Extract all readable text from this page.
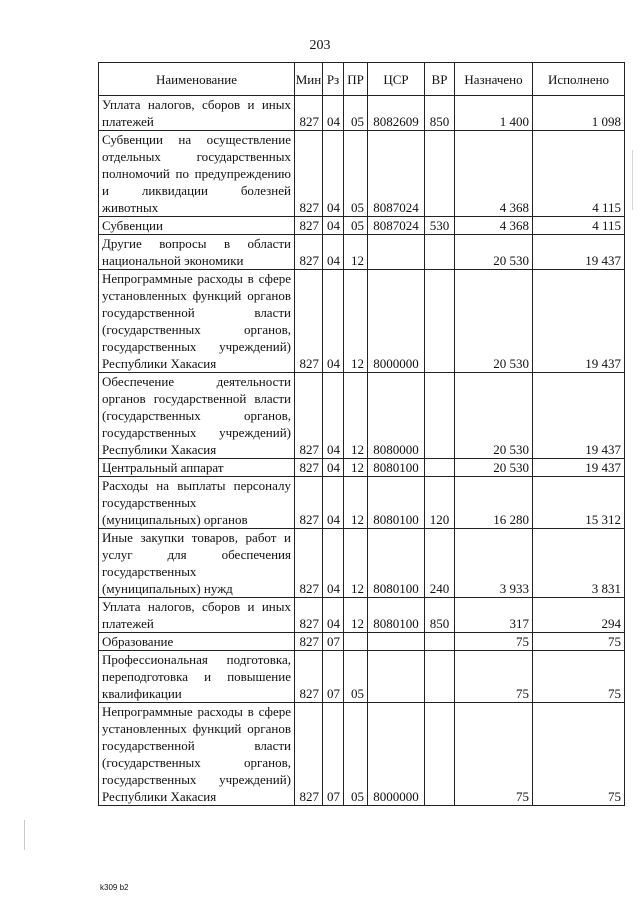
203
Наименование	Мин	Рз	ПР	ЦСР	ВР	Назначено	Исполнено
Уплата налогов, сборов и иных платежей	827	04	05	8082609	850	1 400	1 098
Субвенции на осуществление отдельных государственных полномочий по предупреждению и ликвидации болезней животных	827	04	05	8087024		4 368	4 115
Субвенции	827	04	05	8087024	530	4 368	4 115
Другие вопросы в области национальной экономики	827	04	12			20 530	19 437
Непрограммные расходы в сфере установленных функций органов государственной власти (государственных органов, государственных учреждений) Республики Хакасия	827	04	12	8000000		20 530	19 437
Обеспечение деятельности органов государственной власти (государственных органов, государственных учреждений) Республики Хакасия	827	04	12	8080000		20 530	19 437
Центральный аппарат	827	04	12	8080100		20 530	19 437
Расходы на выплаты персоналу государственных (муниципальных) органов	827	04	12	8080100	120	16 280	15 312
Иные закупки товаров, работ и услуг для обеспечения государственных (муниципальных) нужд	827	04	12	8080100	240	3 933	3 831
Уплата налогов, сборов и иных платежей	827	04	12	8080100	850	317	294
Образование	827	07				75	75
Профессиональная подготовка, переподготовка и повышение квалификации	827	07	05			75	75
Непрограммные расходы в сфере установленных функций органов государственной власти (государственных органов, государственных учреждений) Республики Хакасия	827	07	05	8000000		75	75
k309 b2
